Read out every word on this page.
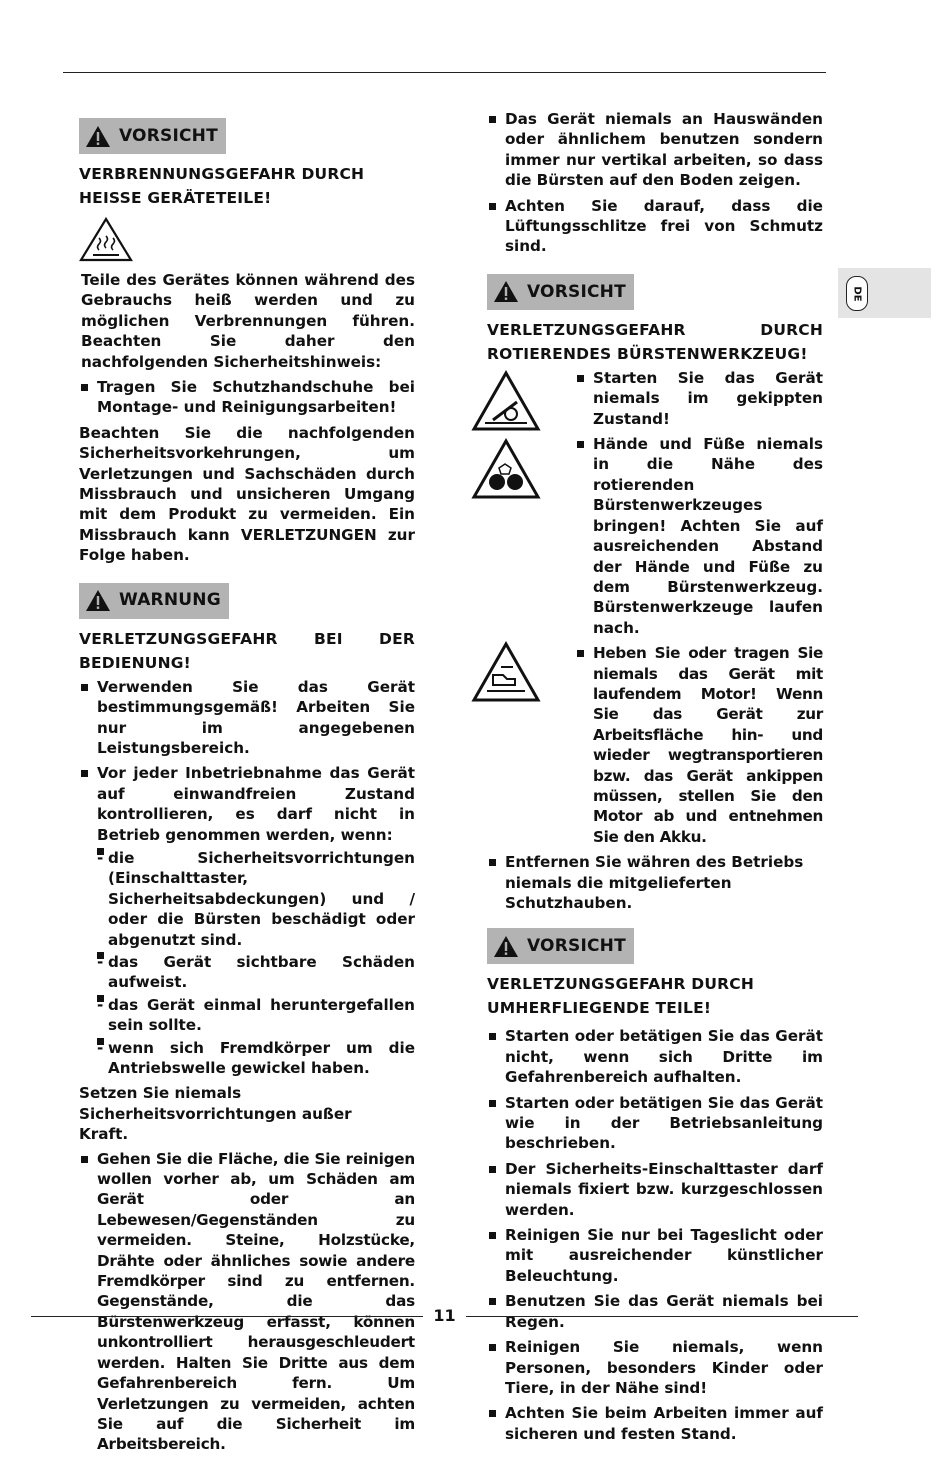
VORSICHT
VERBRENNUNGSGEFAHR DURCH HEISSE GERÄTETEILE!
Teile des Gerätes können während des Gebrauchs heiß werden und zu möglichen Verbrennungen führen. Beachten Sie daher den nachfolgenden Sicherheitshinweis:
Tragen Sie Schutzhandschuhe bei Montage- und Reinigungsarbeiten!
Beachten Sie die nachfolgenden Sicherheitsvorkehrungen, um Verletzungen und Sachschäden durch Missbrauch und unsicheren Umgang mit dem Produkt zu vermeiden. Ein Missbrauch kann VERLETZUNGEN zur Folge haben.
WARNUNG
VERLETZUNGSGEFAHR BEI DER BEDIENUNG!
Verwenden Sie das Gerät bestimmungsgemäß! Arbeiten Sie nur im angegebenen Leistungsbereich.
Vor jeder Inbetriebnahme das Gerät auf einwandfreien Zustand kontrollieren, es darf nicht in Betrieb genommen werden, wenn:
- die Sicherheitsvorrichtungen (Einschalttaster, Sicherheitsabdeckungen) und / oder die Bürsten beschädigt oder abgenutzt sind.
- das Gerät sichtbare Schäden aufweist.
- das Gerät einmal heruntergefallen sein sollte.
- wenn sich Fremdkörper um die Antriebswelle gewickel haben.
Setzen Sie niemals Sicherheitsvorrichtungen außer Kraft.
Gehen Sie die Fläche, die Sie reinigen wollen vorher ab, um Schäden am Gerät oder an Lebewesen/Gegenständen zu vermeiden. Steine, Holzstücke, Drähte oder ähnliches sowie andere Fremdkörper sind zu entfernen. Gegenstände, die das Bürstenwerkzeug erfasst, können unkontrolliert herausgeschleudert werden. Halten Sie Dritte aus dem Gefahrenbereich fern. Um Verletzungen zu vermeiden, achten Sie auf die Sicherheit im Arbeitsbereich.
Das Gerät niemals an Hauswänden oder ähnlichem benutzen sondern immer nur vertikal arbeiten, so dass die Bürsten auf den Boden zeigen.
Achten Sie darauf, dass die Lüftungsschlitze frei von Schmutz sind.
VORSICHT
VERLETZUNGSGEFAHR DURCH ROTIERENDES BÜRSTENWERKZEUG!
Starten Sie das Gerät niemals im gekippten Zustand!
Hände und Füße niemals in die Nähe des rotierenden Bürstenwerkzeuges bringen! Achten Sie auf ausreichenden Abstand der Hände und Füße zu dem Bürstenwerkzeug. Bürstenwerkzeuge laufen nach.
Heben Sie oder tragen Sie niemals das Gerät mit laufendem Motor! Wenn Sie das Gerät zur Arbeitsfläche hin- und wieder wegtransportieren bzw. das Gerät ankippen müssen, stellen Sie den Motor ab und entnehmen Sie den Akku.
Entfernen Sie währen des Betriebs niemals die mitgelieferten Schutzhauben.
VORSICHT
VERLETZUNGSGEFAHR DURCH UMHERFLIEGENDE TEILE!
Starten oder betätigen Sie das Gerät nicht, wenn sich Dritte im Gefahrenbereich aufhalten.
Starten oder betätigen Sie das Gerät wie in der Betriebsanleitung beschrieben.
Der Sicherheits-Einschalttaster darf niemals fixiert bzw. kurzgeschlossen werden.
Reinigen Sie nur bei Tageslicht oder mit ausreichender künstlicher Beleuchtung.
Benutzen Sie das Gerät niemals bei Regen.
Reinigen Sie niemals, wenn Personen, besonders Kinder oder Tiere, in der Nähe sind!
Achten Sie beim Arbeiten immer auf sicheren und festen Stand.
DE
11
